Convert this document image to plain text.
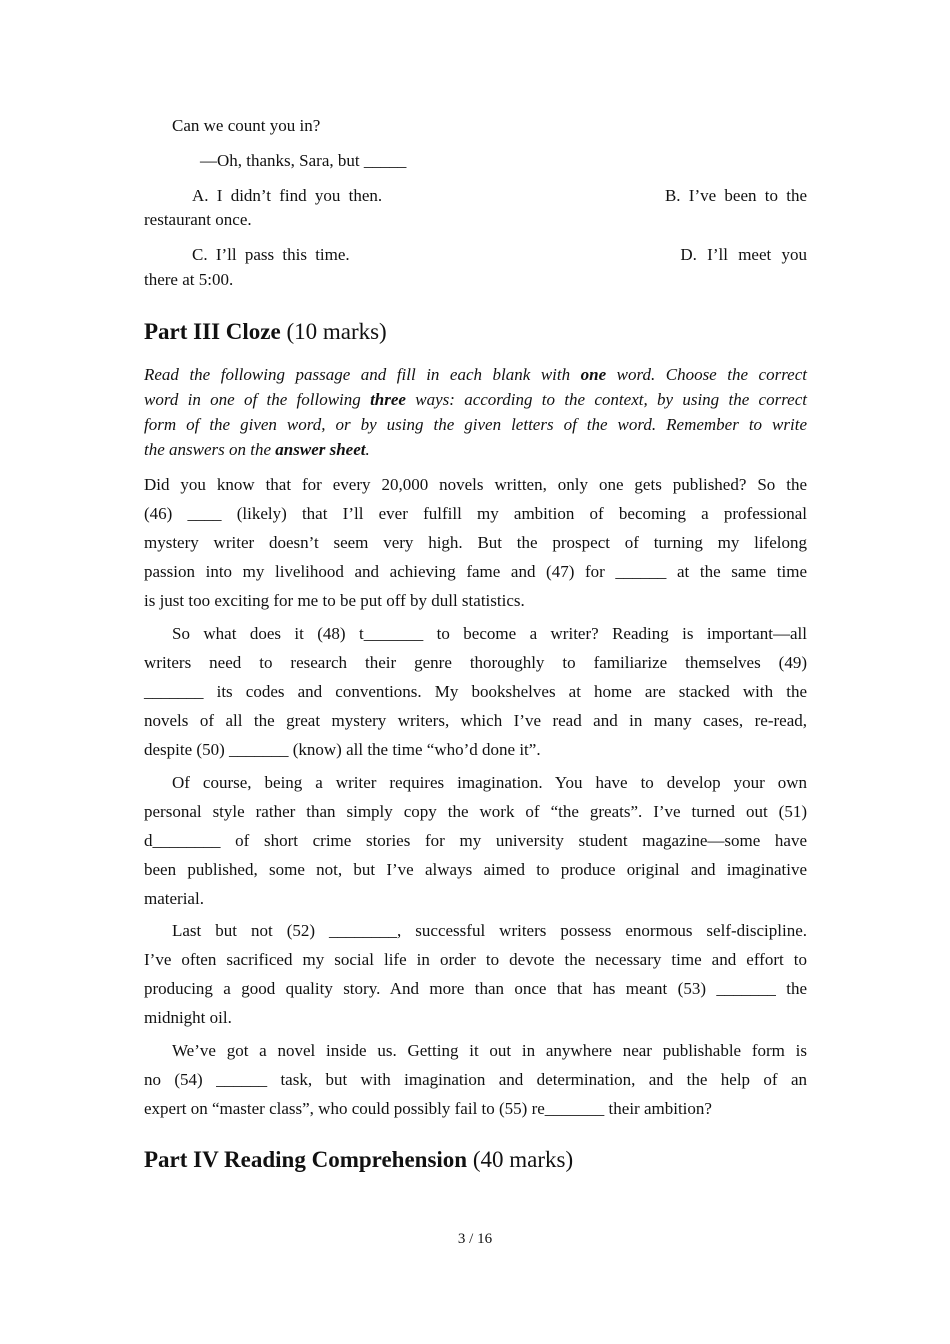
Can we count you in?
—Oh, thanks, Sara, but _____
A. I didn’t find you then.	B. I’ve been to the
restaurant once.
C. I’ll pass this time.	D. I’ll meet you
there at 5:00.
Part III Cloze (10 marks)
Read the following passage and fill in each blank with one word. Choose the correct
word in one of the following three ways: according to the context, by using the correct
form of the given word, or by using the given letters of the word. Remember to write
the answers on the answer sheet.
Did you know that for every 20,000 novels written, only one gets published? So the
(46) ____ (likely) that I’ll ever fulfill my ambition of becoming a professional
mystery writer doesn’t seem very high. But the prospect of turning my lifelong
passion into my livelihood and achieving fame and (47) for ______ at the same time
is just too exciting for me to be put off by dull statistics.
So what does it (48) t_______ to become a writer? Reading is important—all
writers need to research their genre thoroughly to familiarize themselves (49)
_______ its codes and conventions. My bookshelves at home are stacked with the
novels of all the great mystery writers, which I’ve read and in many cases, re-read,
despite (50) _______ (know) all the time “who’d done it”.
Of course, being a writer requires imagination. You have to develop your own
personal style rather than simply copy the work of “the greats”. I’ve turned out (51)
d________ of short crime stories for my university student magazine—some have
been published, some not, but I’ve always aimed to produce original and imaginative
material.
Last but not (52) ________, successful writers possess enormous self-discipline.
I’ve often sacrificed my social life in order to devote the necessary time and effort to
producing a good quality story. And more than once that has meant (53) _______ the
midnight oil.
We’ve got a novel inside us. Getting it out in anywhere near publishable form is
no (54) ______ task, but with imagination and determination, and the help of an
expert on “master class”, who could possibly fail to (55) re_______ their ambition?
Part IV Reading Comprehension (40 marks)
3 / 16
